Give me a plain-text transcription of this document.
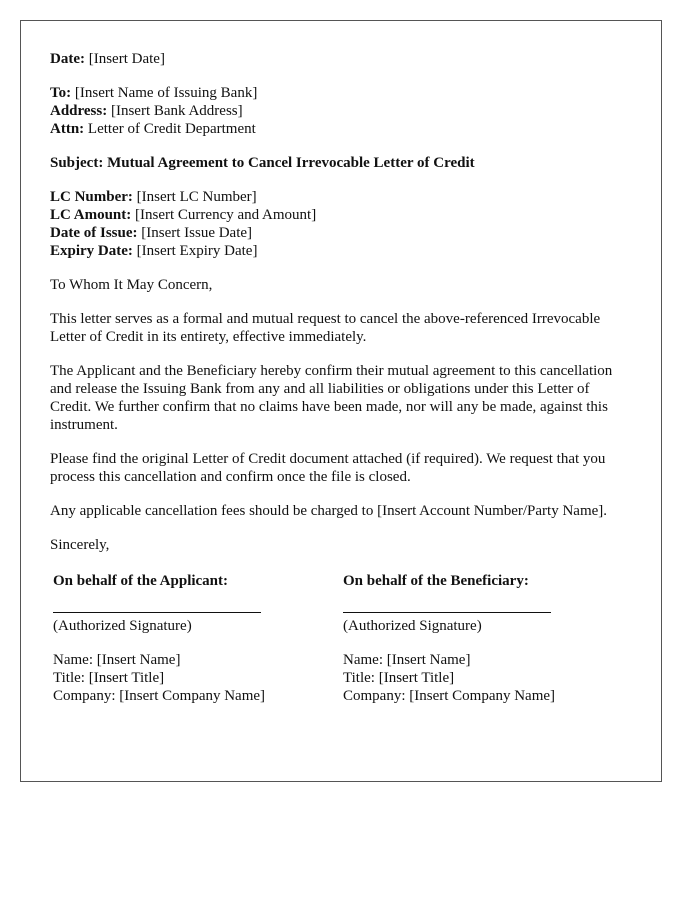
Date: [Insert Date]

To: [Insert Name of Issuing Bank]
Address: [Insert Bank Address]
Attn: Letter of Credit Department

Subject: Mutual Agreement to Cancel Irrevocable Letter of Credit

LC Number: [Insert LC Number]
LC Amount: [Insert Currency and Amount]
Date of Issue: [Insert Issue Date]
Expiry Date: [Insert Expiry Date]

To Whom It May Concern,

This letter serves as a formal and mutual request to cancel the above-referenced Irrevocable Letter of Credit in its entirety, effective immediately.

The Applicant and the Beneficiary hereby confirm their mutual agreement to this cancellation and release the Issuing Bank from any and all liabilities or obligations under this Letter of Credit. We further confirm that no claims have been made, nor will any be made, against this instrument.

Please find the original Letter of Credit document attached (if required). We request that you process this cancellation and confirm once the file is closed.

Any applicable cancellation fees should be charged to [Insert Account Number/Party Name].

Sincerely,

On behalf of the Applicant:
(Authorized Signature)
Name: [Insert Name]
Title: [Insert Title]
Company: [Insert Company Name]
On behalf of the Beneficiary:
(Authorized Signature)
Name: [Insert Name]
Title: [Insert Title]
Company: [Insert Company Name]
